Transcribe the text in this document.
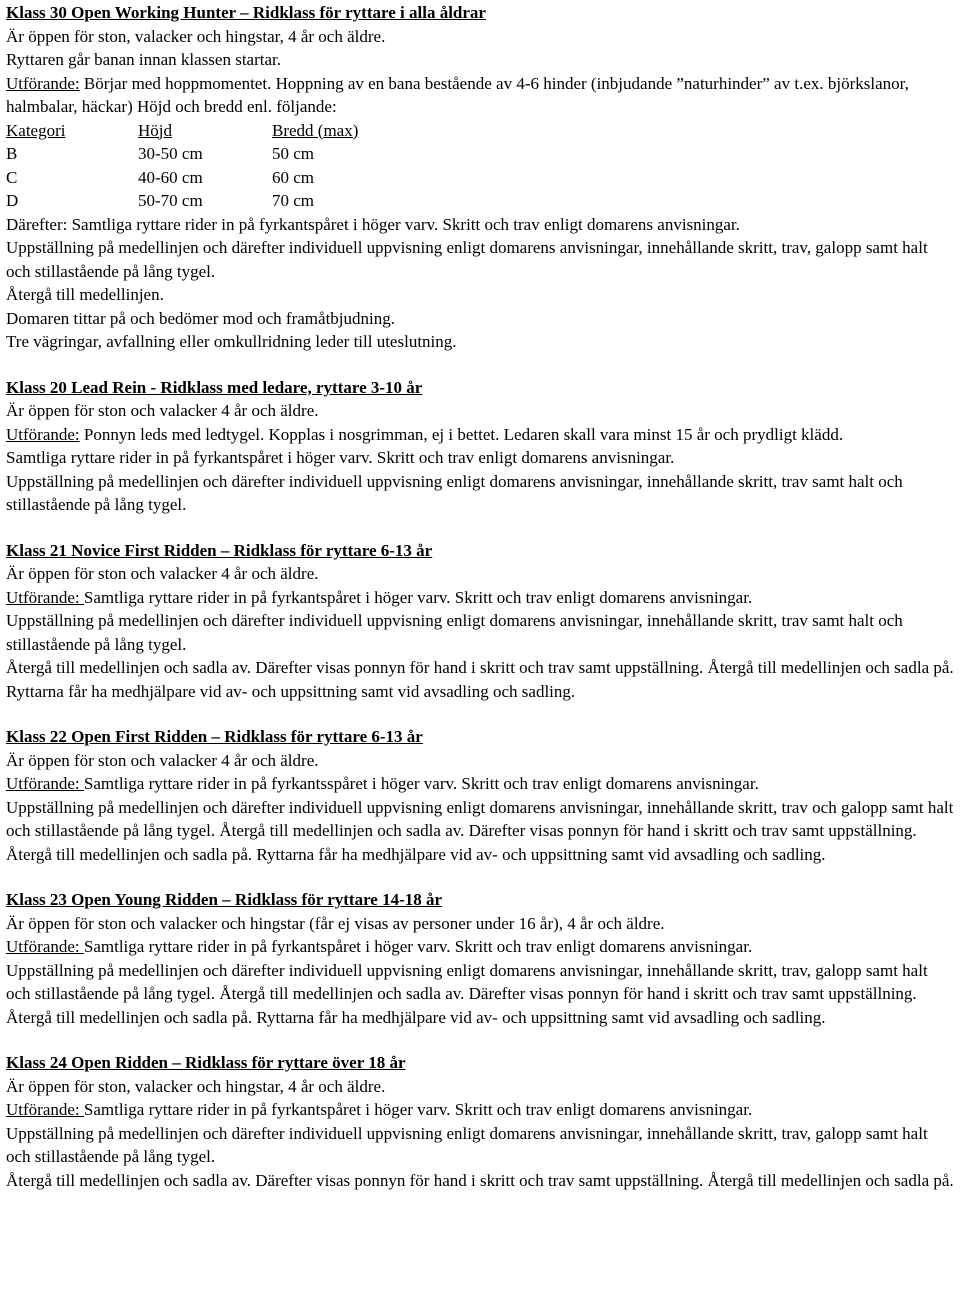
Klass 30 Open Working Hunter – Ridklass för ryttare i alla åldrar
Är öppen för ston, valacker och hingstar, 4 år och äldre.
Ryttaren går banan innan klassen startar.
Utförande: Börjar med hoppmomentet. Hoppning av en bana bestående av 4-6 hinder (inbjudande ”naturhinder” av t.ex. björkslanor, halmbalar, häckar) Höjd och bredd enl. följande:
Kategori	Höjd	Bredd (max)
B	30-50 cm	50 cm
C	40-60 cm	60 cm
D	50-70 cm	70 cm
Därefter: Samtliga ryttare rider in på fyrkantspåret i höger varv. Skritt och trav enligt domarens anvisningar.
Uppställning på medellinjen och därefter individuell uppvisning enligt domarens anvisningar, innehållande skritt, trav, galopp samt halt och stillastående på lång tygel.
Återgå till medellinjen.
Domaren tittar på och bedömer mod och framåtbjudning.
Tre vägringar, avfallning eller omkullridning leder till uteslutning.
Klass 20 Lead Rein - Ridklass med ledare, ryttare 3-10 år
Är öppen för ston och valacker 4 år och äldre.
Utförande: Ponnyn leds med ledtygel. Kopplas i nosgrimman, ej i bettet. Ledaren skall vara minst 15 år och prydligt klädd.
Samtliga ryttare rider in på fyrkantspåret i höger varv. Skritt och trav enligt domarens anvisningar.
Uppställning på medellinjen och därefter individuell uppvisning enligt domarens anvisningar, innehållande skritt, trav samt halt och stillastående på lång tygel.
Klass 21 Novice First Ridden – Ridklass för ryttare 6-13 år
Är öppen för ston och valacker 4 år och äldre.
Utförande: Samtliga ryttare rider in på fyrkantspåret i höger varv. Skritt och trav enligt domarens anvisningar.
Uppställning på medellinjen och därefter individuell uppvisning enligt domarens anvisningar, innehållande skritt, trav samt halt och stillastående på lång tygel.
Återgå till medellinjen och sadla av. Därefter visas ponnyn för hand i skritt och trav samt uppställning. Återgå till medellinjen och sadla på. Ryttarna får ha medhjälpare vid av- och uppsittning samt vid avsadling och sadling.
Klass 22 Open First Ridden – Ridklass för ryttare 6-13 år
Är öppen för ston och valacker 4 år och äldre.
Utförande: Samtliga ryttare rider in på fyrkantsspåret i höger varv. Skritt och trav enligt domarens anvisningar.
Uppställning på medellinjen och därefter individuell uppvisning enligt domarens anvisningar, innehållande skritt, trav och galopp samt halt och stillastående på lång tygel. Återgå till medellinjen och sadla av. Därefter visas ponnyn för hand i skritt och trav samt uppställning. Återgå till medellinjen och sadla på. Ryttarna får ha medhjälpare vid av- och uppsittning samt vid avsadling och sadling.
Klass 23 Open Young Ridden – Ridklass för ryttare 14-18 år
Är öppen för ston och valacker och hingstar (får ej visas av personer under 16 år), 4 år och äldre.
Utförande: Samtliga ryttare rider in på fyrkantspåret i höger varv. Skritt och trav enligt domarens anvisningar.
Uppställning på medellinjen och därefter individuell uppvisning enligt domarens anvisningar, innehållande skritt, trav, galopp samt halt och stillastående på lång tygel. Återgå till medellinjen och sadla av. Därefter visas ponnyn för hand i skritt och trav samt uppställning. Återgå till medellinjen och sadla på. Ryttarna får ha medhjälpare vid av- och uppsittning samt vid avsadling och sadling.
Klass 24 Open Ridden – Ridklass för ryttare över 18 år
Är öppen för ston, valacker och hingstar, 4 år och äldre.
Utförande: Samtliga ryttare rider in på fyrkantspåret i höger varv. Skritt och trav enligt domarens anvisningar.
Uppställning på medellinjen och därefter individuell uppvisning enligt domarens anvisningar, innehållande skritt, trav, galopp samt halt och stillastående på lång tygel.
Återgå till medellinjen och sadla av. Därefter visas ponnyn för hand i skritt och trav samt uppställning. Återgå till medellinjen och sadla på.
